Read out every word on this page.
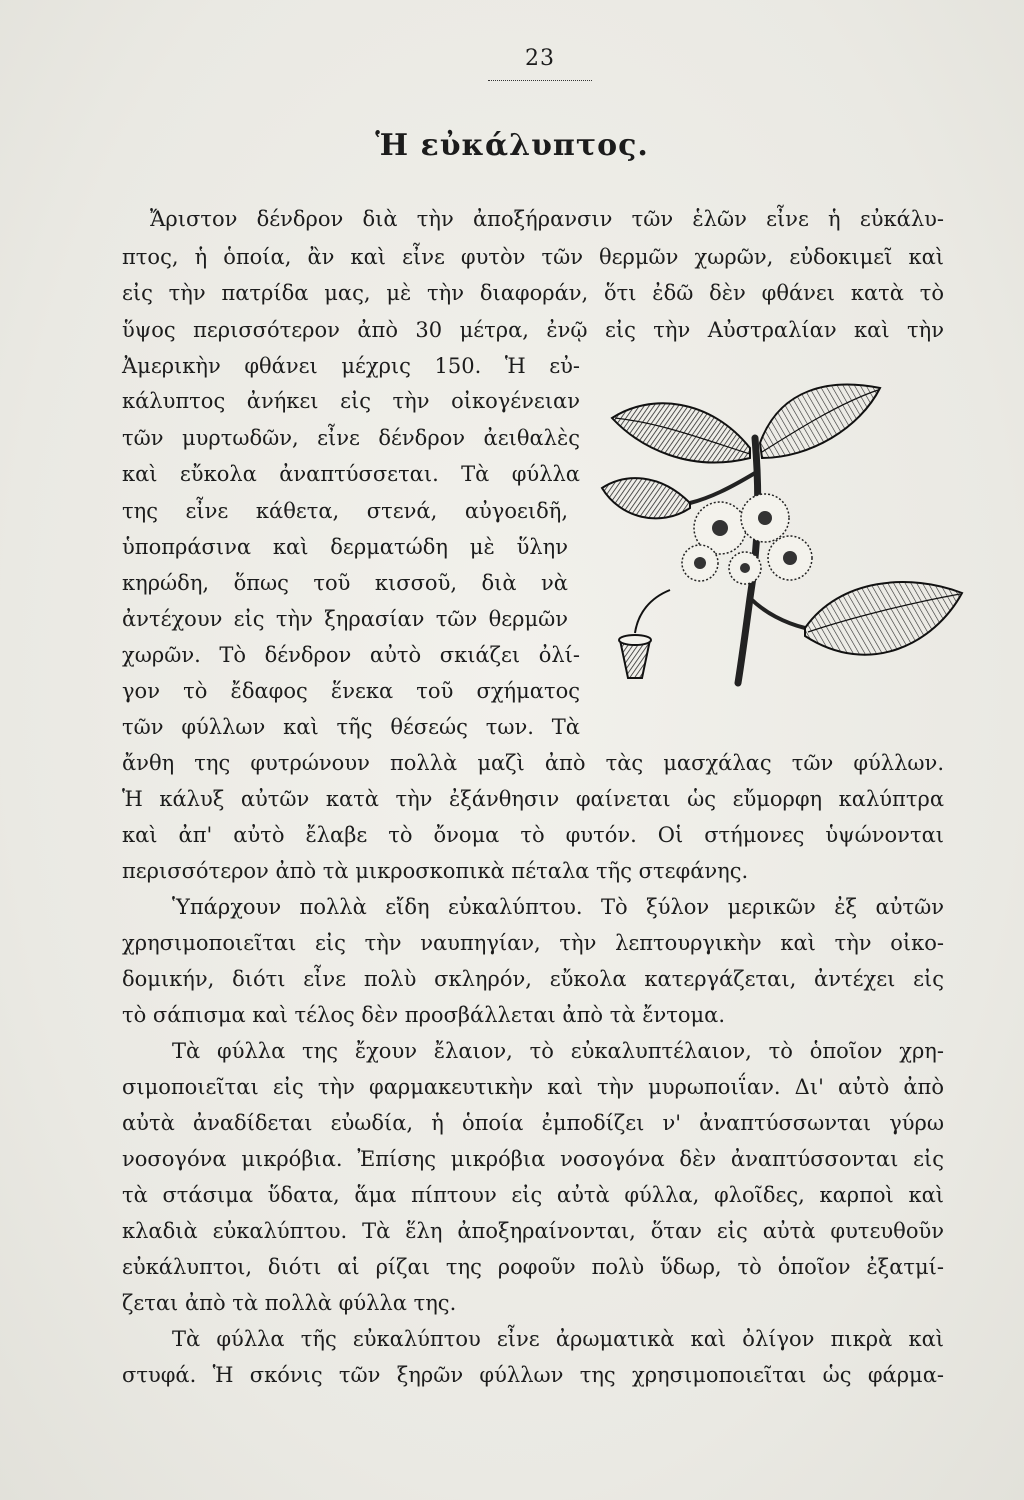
23
Ἡ εὐκάλυπτος.
Ἄριστον δένδρον διὰ τὴν ἀποξήρανσιν τῶν ἑλῶν εἶνε ἡ εὐκάλυ-
πτος, ἡ ὁποία, ἂν καὶ εἶνε φυτὸν τῶν θερμῶν χωρῶν, εὐδοκιμεῖ καὶ
εἰς τὴν πατρίδα μας, μὲ τὴν διαφοράν, ὅτι ἐδῶ δὲν φθάνει κατὰ τὸ
ὕψος περισσότερον ἀπὸ 30 μέτρα, ἐνῷ εἰς τὴν Αὐστραλίαν καὶ τὴν
Ἀμερικὴν φθάνει μέχρις 150. Ἡ εὐ-
κάλυπτος ἀνήκει εἰς τὴν οἰκογένειαν
τῶν μυρτωδῶν, εἶνε δένδρον ἀειθαλὲς
καὶ εὔκολα ἀναπτύσσεται. Τὰ φύλλα
της εἶνε κάθετα, στενά, αὐγοειδῆ,
ὑποπράσινα καὶ δερματώδη μὲ ὕλην
κηρώδη, ὅπως τοῦ κισσοῦ, διὰ νὰ
ἀντέχουν εἰς τὴν ξηρασίαν τῶν θερμῶν
χωρῶν. Τὸ δένδρον αὐτὸ σκιάζει ὀλί-
γον τὸ ἔδαφος ἕνεκα τοῦ σχήματος
τῶν φύλλων καὶ τῆς θέσεώς των. Τὰ
ἄνθη της φυτρώνουν πολλὰ μαζὶ ἀπὸ τὰς μασχάλας τῶν φύλλων.
Ἡ κάλυξ αὐτῶν κατὰ τὴν ἐξάνθησιν φαίνεται ὡς εὔμορφη καλύπτρα
καὶ ἀπ' αὐτὸ ἔλαβε τὸ ὄνομα τὸ φυτόν. Οἱ στήμονες ὑψώνονται
περισσότερον ἀπὸ τὰ μικροσκοπικὰ πέταλα τῆς στεφάνης.
Ὑπάρχουν πολλὰ εἴδη εὐκαλύπτου. Τὸ ξύλον μερικῶν ἐξ αὐτῶν
χρησιμοποιεῖται εἰς τὴν ναυπηγίαν, τὴν λεπτουργικὴν καὶ τὴν οἰκο-
δομικήν, διότι εἶνε πολὺ σκληρόν, εὔκολα κατεργάζεται, ἀντέχει εἰς
τὸ σάπισμα καὶ τέλος δὲν προσβάλλεται ἀπὸ τὰ ἔντομα.
Τὰ φύλλα της ἔχουν ἔλαιον, τὸ εὐκαλυπτέλαιον, τὸ ὁποῖον χρη-
σιμοποιεῖται εἰς τὴν φαρμακευτικὴν καὶ τὴν μυρωποιΐαν. Δι' αὐτὸ ἀπὸ
αὐτὰ ἀναδίδεται εὐωδία, ἡ ὁποία ἐμποδίζει ν' ἀναπτύσσωνται γύρω
νοσογόνα μικρόβια. Ἐπίσης μικρόβια νοσογόνα δὲν ἀναπτύσσονται εἰς
τὰ στάσιμα ὕδατα, ἅμα πίπτουν εἰς αὐτὰ φύλλα, φλοῖδες, καρποὶ καὶ
κλαδιὰ εὐκαλύπτου. Τὰ ἕλη ἀποξηραίνονται, ὅταν εἰς αὐτὰ φυτευθοῦν
εὐκάλυπτοι, διότι αἱ ρίζαι της ροφοῦν πολὺ ὕδωρ, τὸ ὁποῖον ἐξατμί-
ζεται ἀπὸ τὰ πολλὰ φύλλα της.
Τὰ φύλλα τῆς εὐκαλύπτου εἶνε ἀρωματικὰ καὶ ὀλίγον πικρὰ καὶ
στυφά. Ἡ σκόνις τῶν ξηρῶν φύλλων της χρησιμοποιεῖται ὡς φάρμα-
